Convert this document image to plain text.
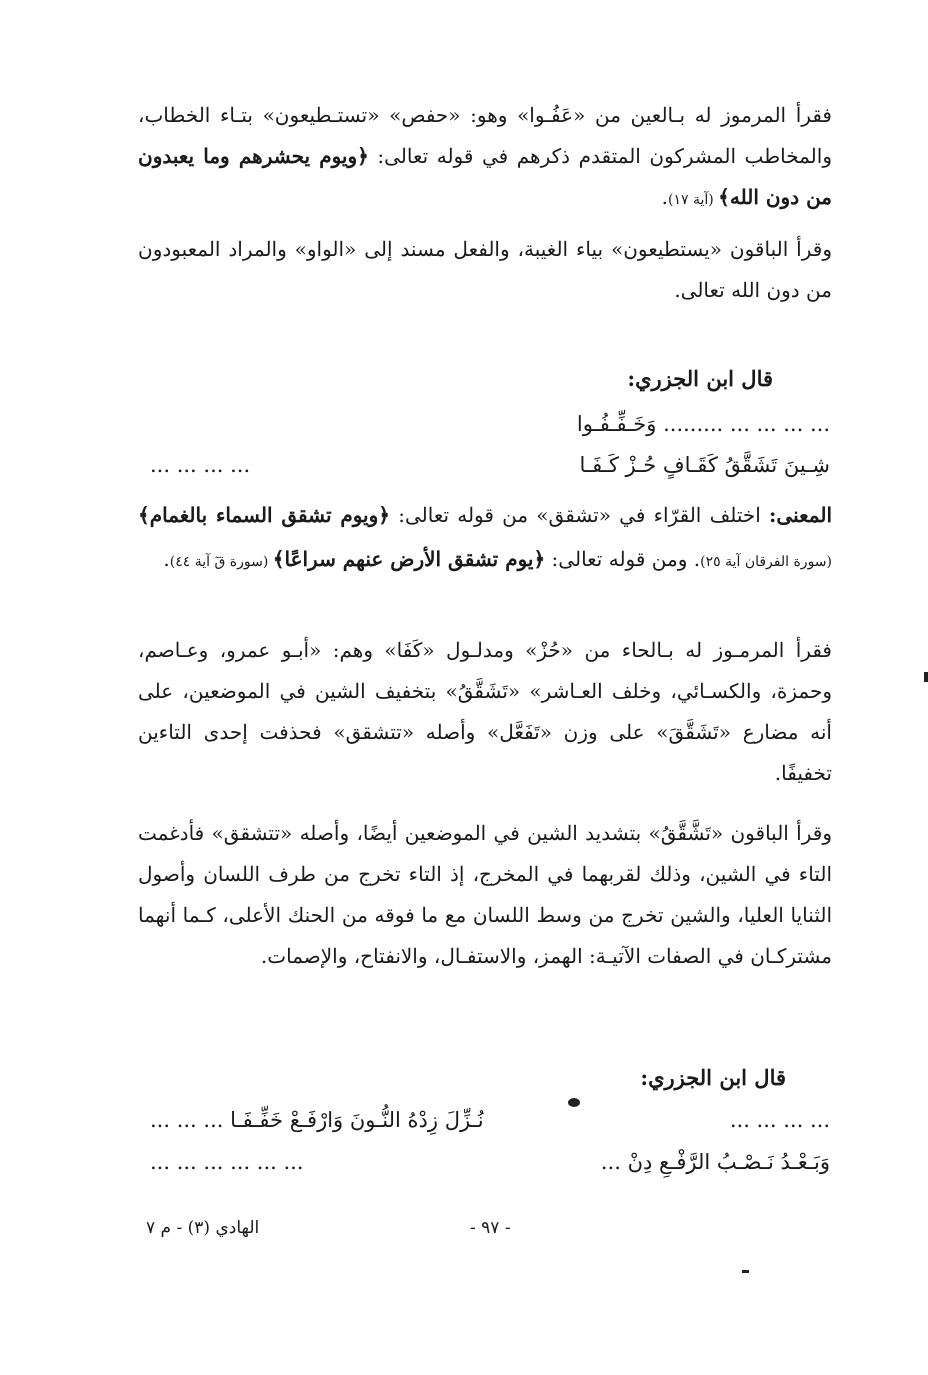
فقرأ المرموز له بـالعين من «عَفُـوا» وهو: «حفص» «تستـطيعون» بتـاء الخطاب، والمخاطب المشركون المتقدم ذكرهم في قوله تعالى: ﴿ويوم يحشرهم وما يعبدون من دون الله﴾ (آية ١٧).
وقرأ الباقون «يستطيعون» بياء الغيبة، والفعل مسند إلى «الواو» والمراد المعبودون من دون الله تعالى.
قال ابن الجزري:
... ... ... ... ......... وَخَـفِّـفُـوا
شِـينَ تَشَقَّقُ كَقَـافٍ حُـزْ كَـفَـا
... ... ... ...
المعنى: اختلف القرّاء في «تشقق» من قوله تعالى: ﴿ويوم تشقق السماء بالغمام﴾ (سورة الفرقان آية ٢٥). ومن قوله تعالى: ﴿يوم تشقق الأرض عنهم سراعًا﴾ (سورة قٓ آية ٤٤).
فقرأ المرمـوز له بـالحاء من «حُزْ» ومدلـول «كَفَا» وهم: «أبـو عمرو، وعـاصم، وحمزة، والكسـائي، وخلف العـاشر» «تَشَقَّقُ» بتخفيف الشين في الموضعين، على أنه مضارع «تَشَقَّقَ» على وزن «تَفَعَّل» وأصله «تتشقق» فحذفت إحدى التاءين تخفيفًا.
وقرأ الباقون «تَشَّقَّقُ» بتشديد الشين في الموضعين أيضًا، وأصله «تتشقق» فأدغمت التاء في الشين، وذلك لقربهما في المخرج، إذ التاء تخرج من طرف اللسان وأصول الثنايا العليا، والشين تخرج من وسط اللسان مع ما فوقه من الحنك الأعلى، كـما أنهما مشتركـان في الصفات الآتيـة: الهمز، والاستفـال، والانفتاح، والإصمات.
قال ابن الجزري:
... ... ... ...
نُـزِّلَ زِدْهُ النُّـونَ وَارْفَـعْ خَفِّـفَـا ... ... ...
وَبَـعْـدُ نَـصْـبُ الرَّفْـعِ دِنْ ...
... ... ... ... ... ...
- ٩٧ -
الهادي (٣) - م ٧
